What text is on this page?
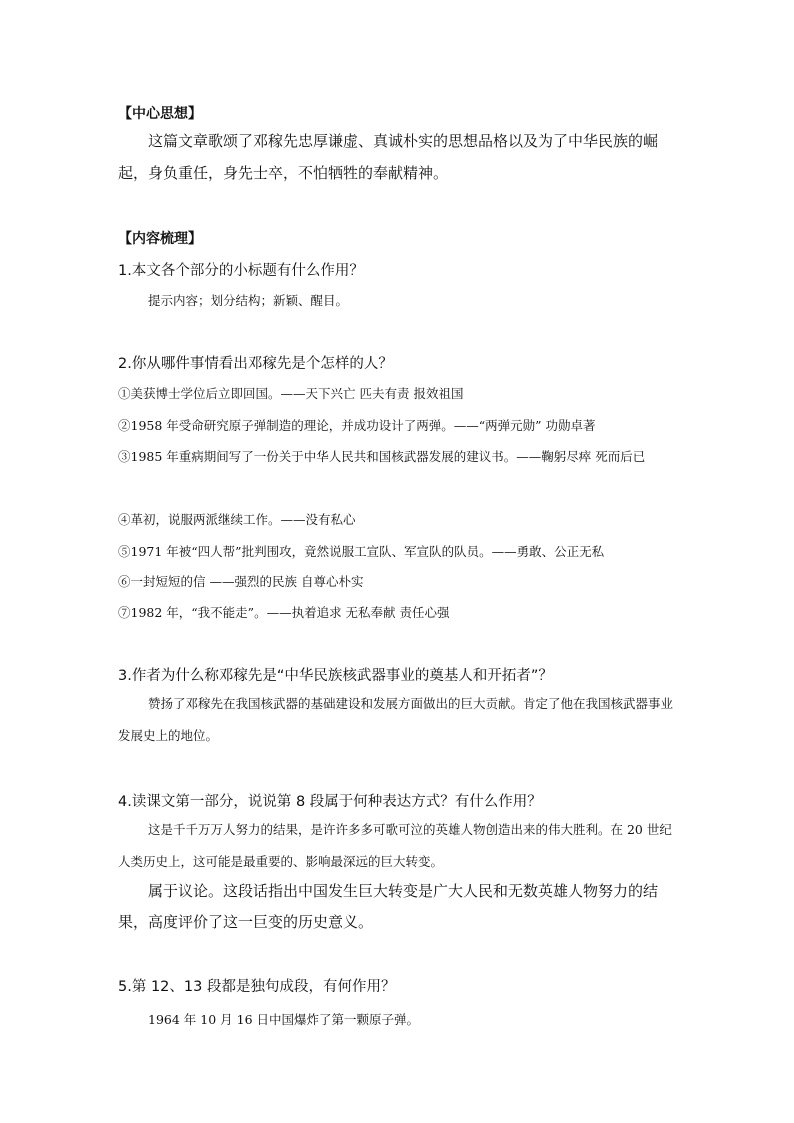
【中心思想】

这篇文章歌颂了邓稼先忠厚谦虚、真诚朴实的思想品格以及为了中华民族的崛起，身负重任，身先士卒，不怕牺牲的奉献精神。

【内容梳理】

1.本文各个部分的小标题有什么作用？

提示内容；划分结构；新颖、醒目。

2.你从哪件事情看出邓稼先是个怎样的人？

①美获博士学位后立即回国。——天下兴亡 匹夫有责 报效祖国

②1958 年受命研究原子弹制造的理论，并成功设计了两弹。——“两弹元勋” 功勋卓著

③1985 年重病期间写了一份关于中华人民共和国核武器发展的建议书。——鞠躬尽瘁 死而后已

④革初，说服两派继续工作。——没有私心

⑤1971 年被“四人帮”批判围攻，竟然说服工宣队、军宣队的队员。——勇敢、公正无私

⑥一封短短的信 ——强烈的民族 自尊心朴实

⑦1982 年，“我不能走”。——执着追求 无私奉献 责任心强

3.作者为什么称邓稼先是“中华民族核武器事业的奠基人和开拓者”？

赞扬了邓稼先在我国核武器的基础建设和发展方面做出的巨大贡献。肯定了他在我国核武器事业发展史上的地位。

4.读课文第一部分，说说第 8 段属于何种表达方式？有什么作用？

这是千千万万人努力的结果，是许许多多可歌可泣的英雄人物创造出来的伟大胜利。在 20 世纪人类历史上，这可能是最重要的、影响最深远的巨大转变。

属于议论。这段话指出中国发生巨大转变是广大人民和无数英雄人物努力的结果，高度评价了这一巨变的历史意义。

5.第 12、13 段都是独句成段，有何作用？

1964 年 10 月 16 日中国爆炸了第一颗原子弹。
